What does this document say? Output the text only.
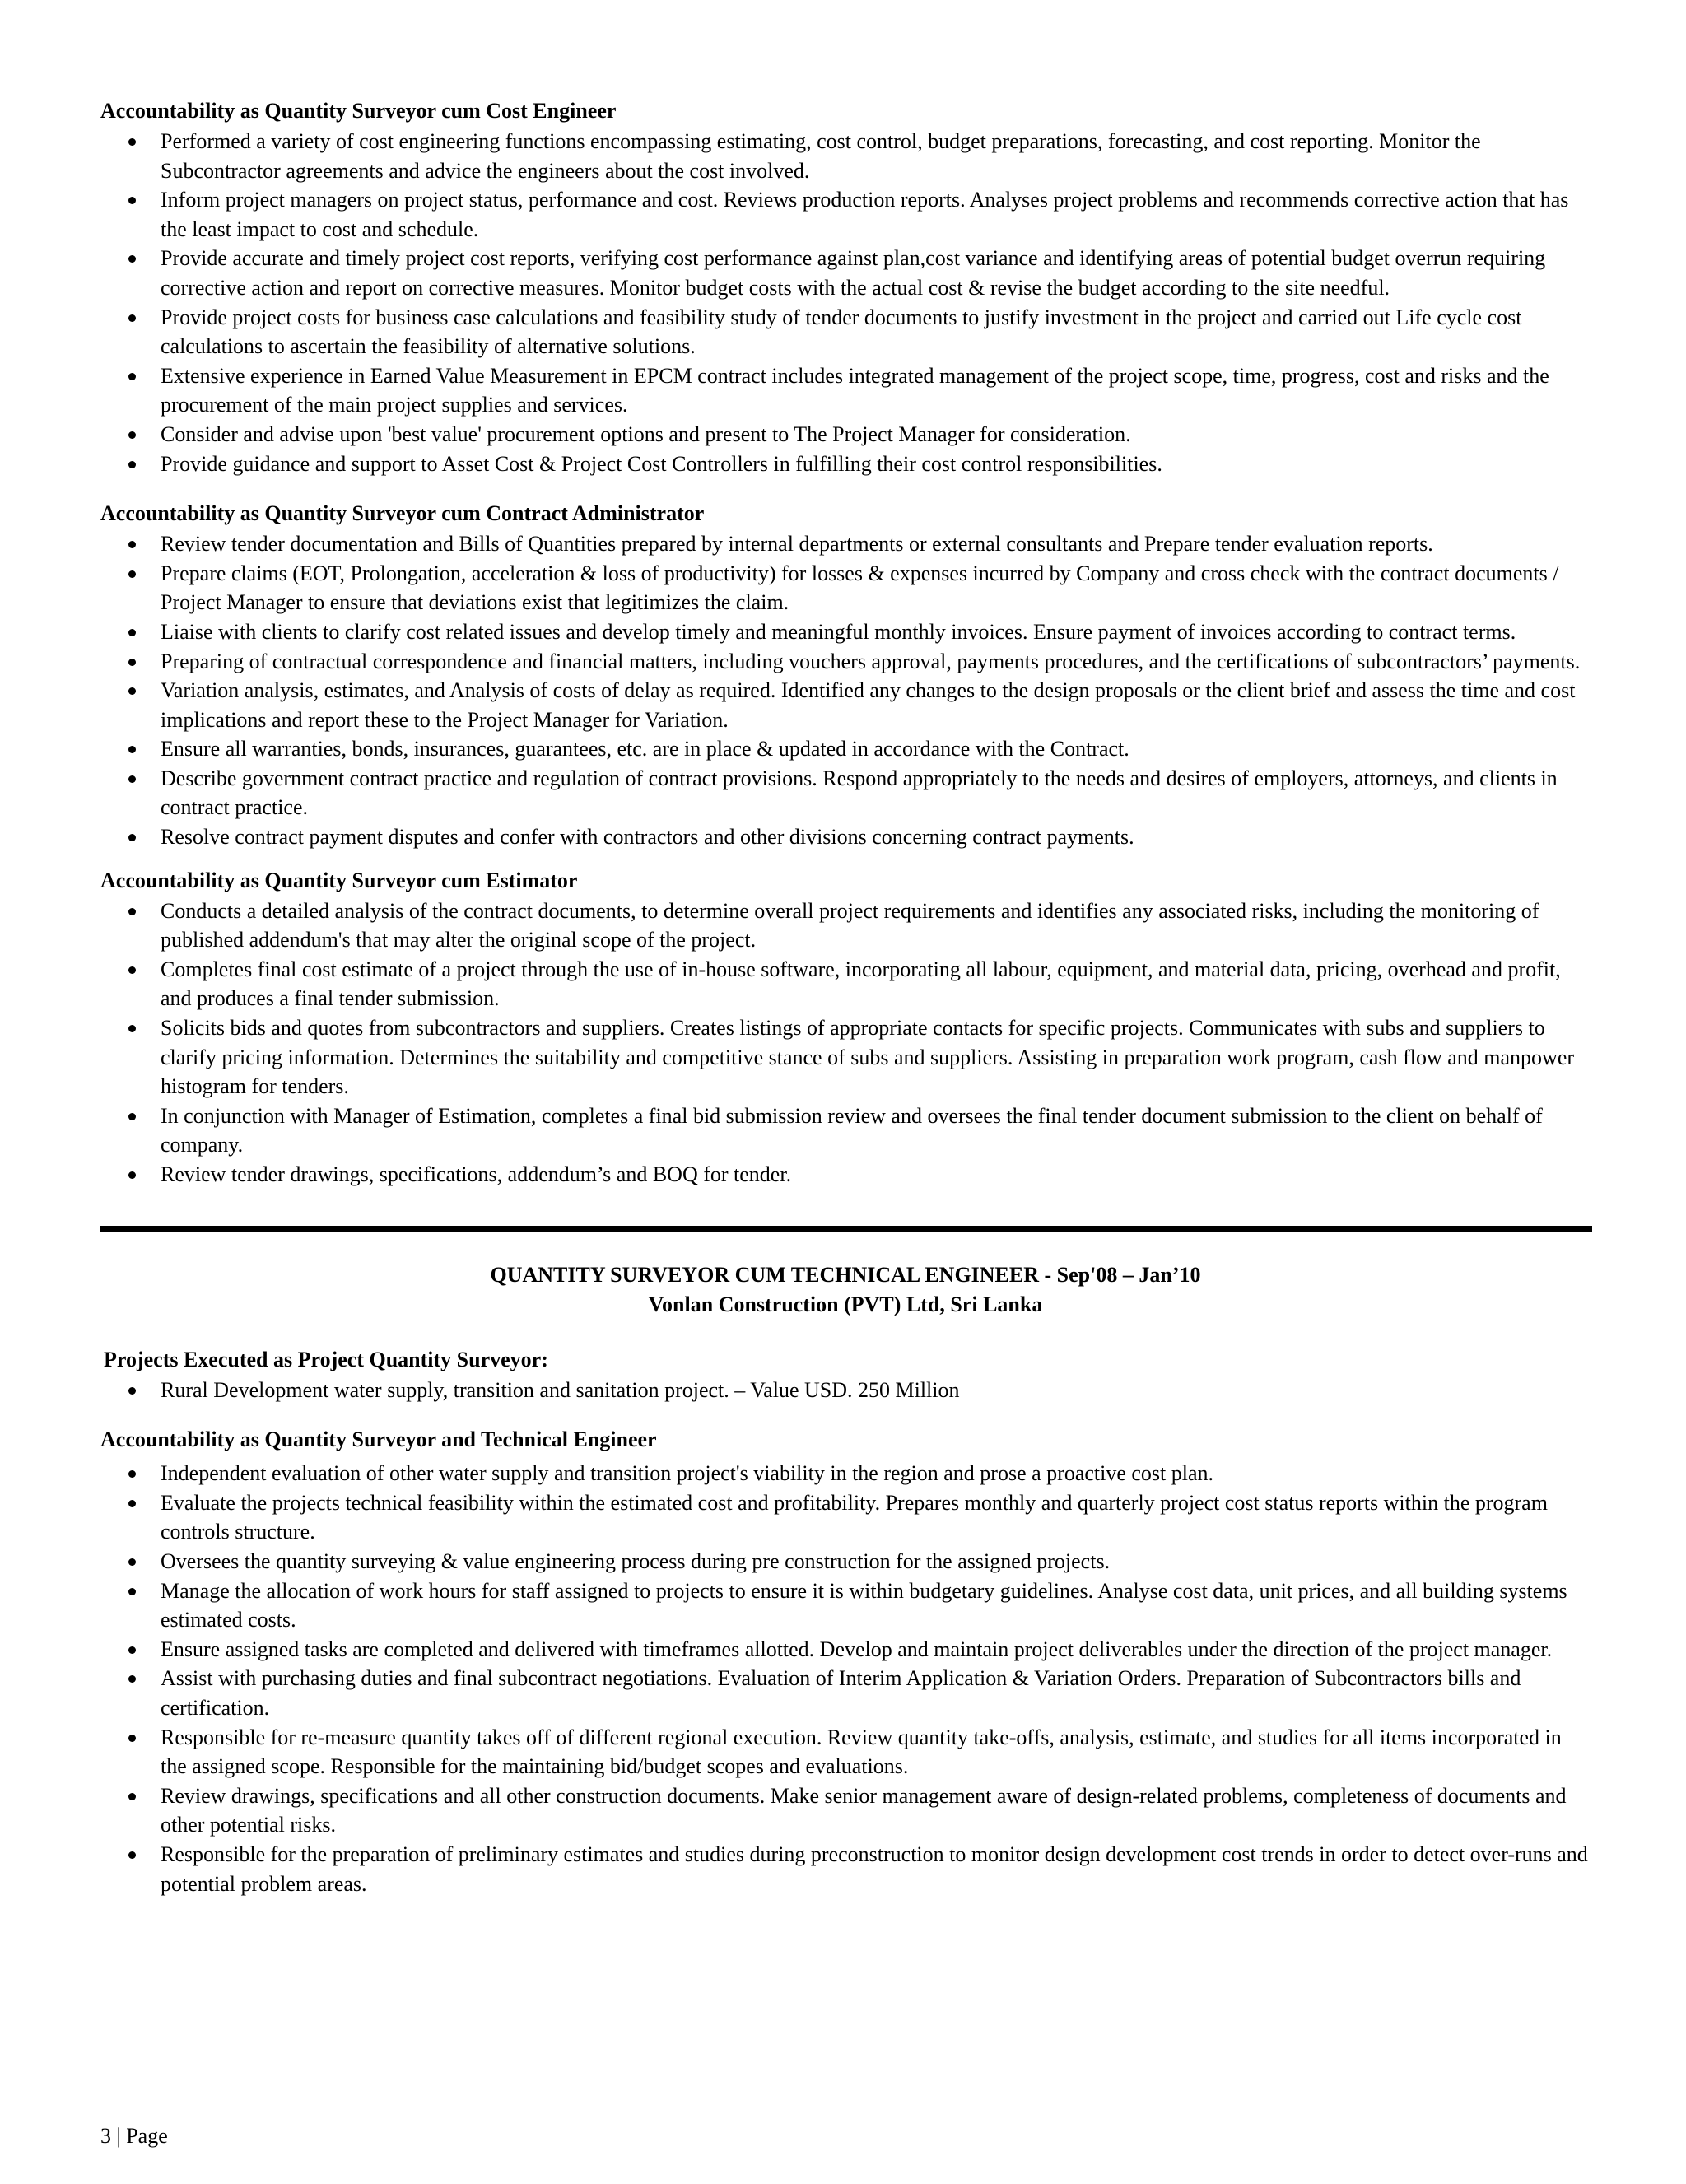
Accountability as Quantity Surveyor cum Cost Engineer

Performed a variety of cost engineering functions encompassing estimating, cost control, budget preparations, forecasting, and cost reporting. Monitor the Subcontractor agreements and advice the engineers about the cost involved.
Inform project managers on project status, performance and cost. Reviews production reports. Analyses project problems and recommends corrective action that has the least impact to cost and schedule.
Provide accurate and timely project cost reports, verifying cost performance against plan,cost variance and identifying areas of potential budget overrun requiring corrective action and report on corrective measures. Monitor budget costs with the actual cost & revise the budget according to the site needful.
Provide project costs for business case calculations and feasibility study of tender documents to justify investment in the project and carried out Life cycle cost calculations to ascertain the feasibility of alternative solutions.
Extensive experience in Earned Value Measurement in EPCM contract includes integrated management of the project scope, time, progress, cost and risks and the procurement of the main project supplies and services.
Consider and advise upon 'best value' procurement options and present to The Project Manager for consideration.
Provide guidance and support to Asset Cost & Project Cost Controllers in fulfilling their cost control responsibilities.

Accountability as Quantity Surveyor cum Contract Administrator

Review tender documentation and Bills of Quantities prepared by internal departments or external consultants and Prepare tender evaluation reports.
Prepare claims (EOT, Prolongation, acceleration & loss of productivity) for losses & expenses incurred by Company and cross check with the contract documents / Project Manager to ensure that deviations exist that legitimizes the claim.
Liaise with clients to clarify cost related issues and develop timely and meaningful monthly invoices. Ensure payment of invoices according to contract terms.
Preparing of contractual correspondence and financial matters, including vouchers approval, payments procedures, and the certifications of subcontractors’ payments.
Variation analysis, estimates, and Analysis of costs of delay as required. Identified any changes to the design proposals or the client brief and assess the time and cost implications and report these to the Project Manager for Variation.
Ensure all warranties, bonds, insurances, guarantees, etc. are in place & updated in accordance with the Contract.
Describe government contract practice and regulation of contract provisions. Respond appropriately to the needs and desires of employers, attorneys, and clients in contract practice.
Resolve contract payment disputes and confer with contractors and other divisions concerning contract payments.

Accountability as Quantity Surveyor cum Estimator

Conducts a detailed analysis of the contract documents, to determine overall project requirements and identifies any associated risks, including the monitoring of published addendum's that may alter the original scope of the project.
Completes final cost estimate of a project through the use of in-house software, incorporating all labour, equipment, and material data, pricing, overhead and profit, and produces a final tender submission.
Solicits bids and quotes from subcontractors and suppliers. Creates listings of appropriate contacts for specific projects. Communicates with subs and suppliers to clarify pricing information. Determines the suitability and competitive stance of subs and suppliers. Assisting in preparation work program, cash flow and manpower histogram for tenders.
In conjunction with Manager of Estimation, completes a final bid submission review and oversees the final tender document submission to the client on behalf of company.
Review tender drawings, specifications, addendum’s and BOQ for tender.
QUANTITY SURVEYOR CUM TECHNICAL ENGINEER - Sep'08 – Jan’10
Vonlan Construction (PVT) Ltd, Sri Lanka

Projects Executed as Project Quantity Surveyor:

Rural Development water supply, transition and sanitation project. – Value USD. 250 Million

Accountability as Quantity Surveyor and Technical Engineer

Independent evaluation of other water supply and transition project's viability in the region and prose a proactive cost plan.
Evaluate the projects technical feasibility within the estimated cost and profitability. Prepares monthly and quarterly project cost status reports within the program controls structure.
Oversees the quantity surveying & value engineering process during pre construction for the assigned projects.
Manage the allocation of work hours for staff assigned to projects to ensure it is within budgetary guidelines. Analyse cost data, unit prices, and all building systems estimated costs.
Ensure assigned tasks are completed and delivered with timeframes allotted. Develop and maintain project deliverables under the direction of the project manager.
Assist with purchasing duties and final subcontract negotiations. Evaluation of Interim Application & Variation Orders. Preparation of Subcontractors bills and certification.
Responsible for re-measure quantity takes off of different regional execution. Review quantity take-offs, analysis, estimate, and studies for all items incorporated in the assigned scope. Responsible for the maintaining bid/budget scopes and evaluations.
Review drawings, specifications and all other construction documents. Make senior management aware of design-related problems, completeness of documents and other potential risks.
Responsible for the preparation of preliminary estimates and studies during preconstruction to monitor design development cost trends in order to detect over-runs and potential problem areas.
3 | Page
